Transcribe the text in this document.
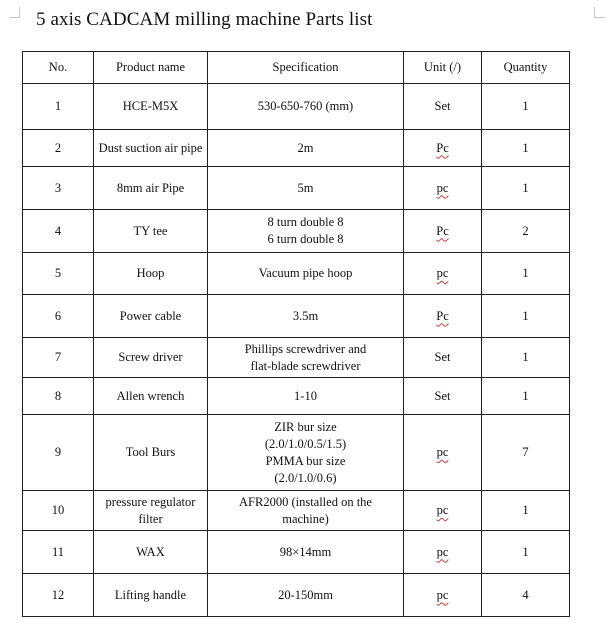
5 axis CADCAM milling machine Parts list
No.	Product name	Specification	Unit (/)	Quantity
1	HCE-M5X	530-650-760 (mm)	Set	1
2	Dust suction air pipe	2m	Pc	1
3	8mm air Pipe	5m	pc	1
4	TY tee	8 turn double 8
6 turn double 8	Pc	2
5	Hoop	Vacuum pipe hoop	pc	1
6	Power cable	3.5m	Pc	1
7	Screw driver	Phillips screwdriver and
flat-blade screwdriver	Set	1
8	Allen wrench	1-10	Set	1
9	Tool Burs	ZIR bur size
(2.0/1.0/0.5/1.5)
PMMA bur size
(2.0/1.0/0.6)	pc	7
10	pressure regulator filter	AFR2000 (installed on the
machine)	pc	1
11	WAX	98×14mm	pc	1
12	Lifting handle	20-150mm	pc	4
